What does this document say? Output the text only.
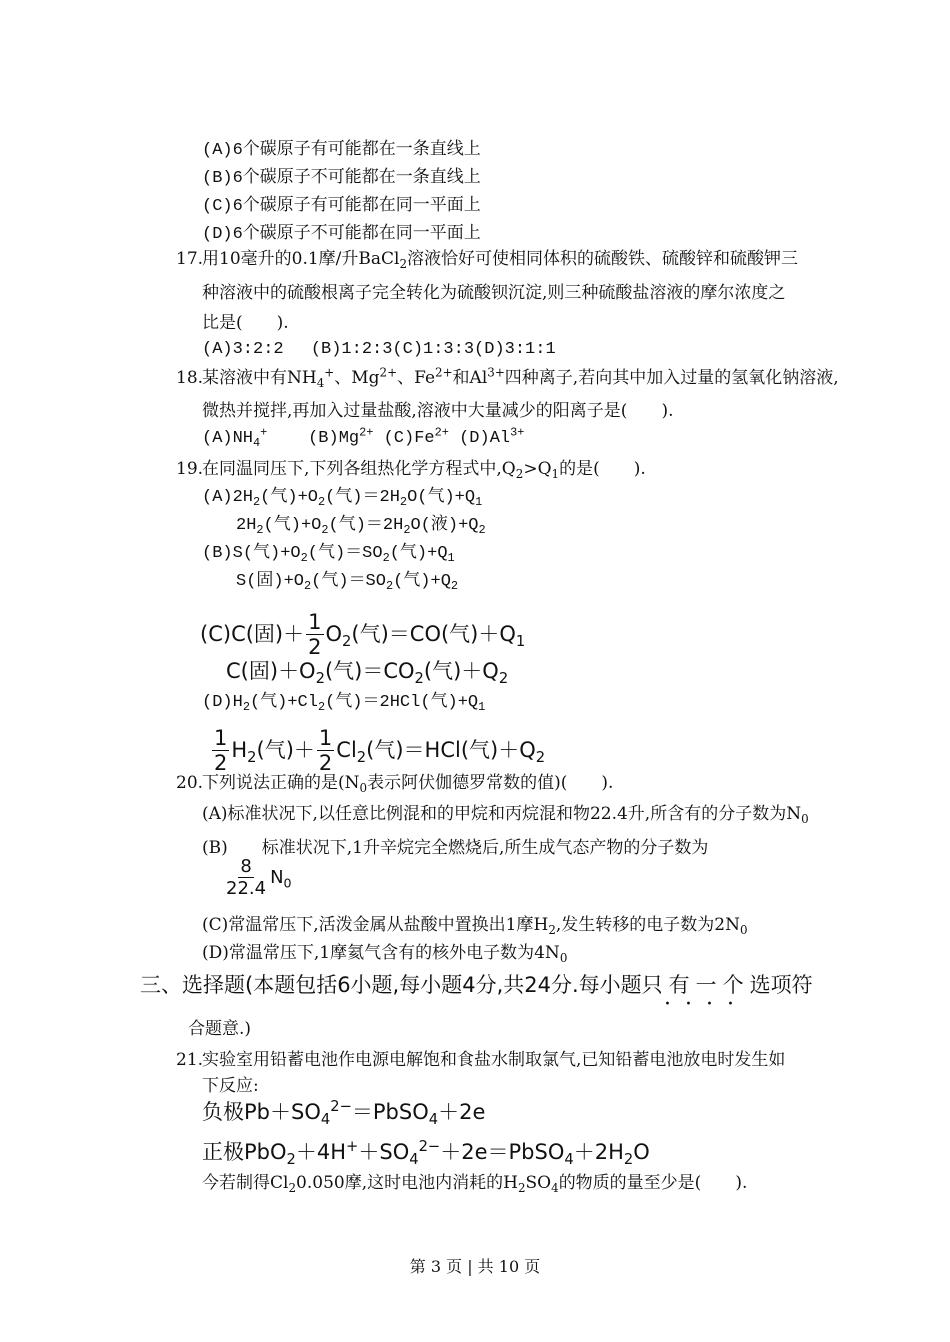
(A)6个碳原子有可能都在一条直线上
(B)6个碳原子不可能都在一条直线上
(C)6个碳原子有可能都在同一平面上
(D)6个碳原子不可能都在同一平面上
17.
用10毫升的0.1摩/升BaCl$_2$溶液恰好可使相同体积的硫酸铁、硫酸锌和硫酸钾三
种溶液中的硫酸根离子完全转化为硫酸钡沉淀,则三种硫酸盐溶液的摩尔浓度之
比是(　　).
(A)3:2:2　 (B)1:2:3(C)1:3:3(D)3:1:1
18.
某溶液中有$NH_4^+$、$Mg^{2+}$、$Fe^{2+}$和$Al^{3+}$四种离子,若向其中加入过量的氢氧化钠溶液,
微热并搅拌,再加入过量盐酸,溶液中大量减少的阳离子是(　　).
$(A)NH_4^+$ $(B)Mg^{2+}$ $(C)Fe^{2+}$ $(D)Al^{3+}$
19.
在同温同压下,下列各组热化学方程式中$,Q_2>Q_1$的是(　　).
$(A)2H_2$(气)$+O_2$(气)$=2H_2O$(气)$+Q_1$
$2H_2$(气)$+O_2$(气)$=2H_2O$(液)$+Q_2$
(B)S(气)$+O_2$(气)$=SO_2$(气)$+Q_1$
S(固)$+O_2$(气)$=SO_2$(气)$+Q_2$
(C)C(固)＋ $\frac{1}{2} O_2$(气)＝CO(气)$+Q_1$
C(固)$+O_2$(气)$=CO_2$(气)$+Q_2$
$(D)H_2$(气)$+Cl_2$(气)＝2HCl(气)$+Q_1$
$\frac{1}{2} H_2$(气)＋ $\frac{1}{2} Cl_2$(气)＝HCl(气)$+Q_2$
20.
下列说法正确的是($N_0$表示阿伏伽德罗常数的值)(　　).
(A)标准状况下,以任意比例混和的甲烷和丙烷混和物22.4升,所含有的分子数为$N_0$
(B)　　标准状况下,1升辛烷完全燃烧后,所生成气态产物的分子数为
$\frac{8}{22.4} N_0$
(C)常温常压下,活泼金属从盐酸中置换出1摩$H_2$,发生转移的电子数为$2N_0$
(D)常温常压下,1摩氦气含有的核外电子数为$4N_0$
三、选择题(本题包括6小题,每小题4分,共24分.每小题只有一个选项符
·  ·  ·  ·
合题意.)
21.
实验室用铅蓄电池作电源电解饱和食盐水制取氯气,已知铅蓄电池放电时发生如
下反应:
负极$Pb+SO_4^{2-}=PbSO_4+2e$
正极$PbO_2+4H^++SO_4^{2-}+2e=PbSO_4+2H_2O$
今若制得$Cl_20.050$摩,这时电池内消耗的$H_2SO_4$的物质的量至少是(　　).
第 3 页 | 共 10 页
